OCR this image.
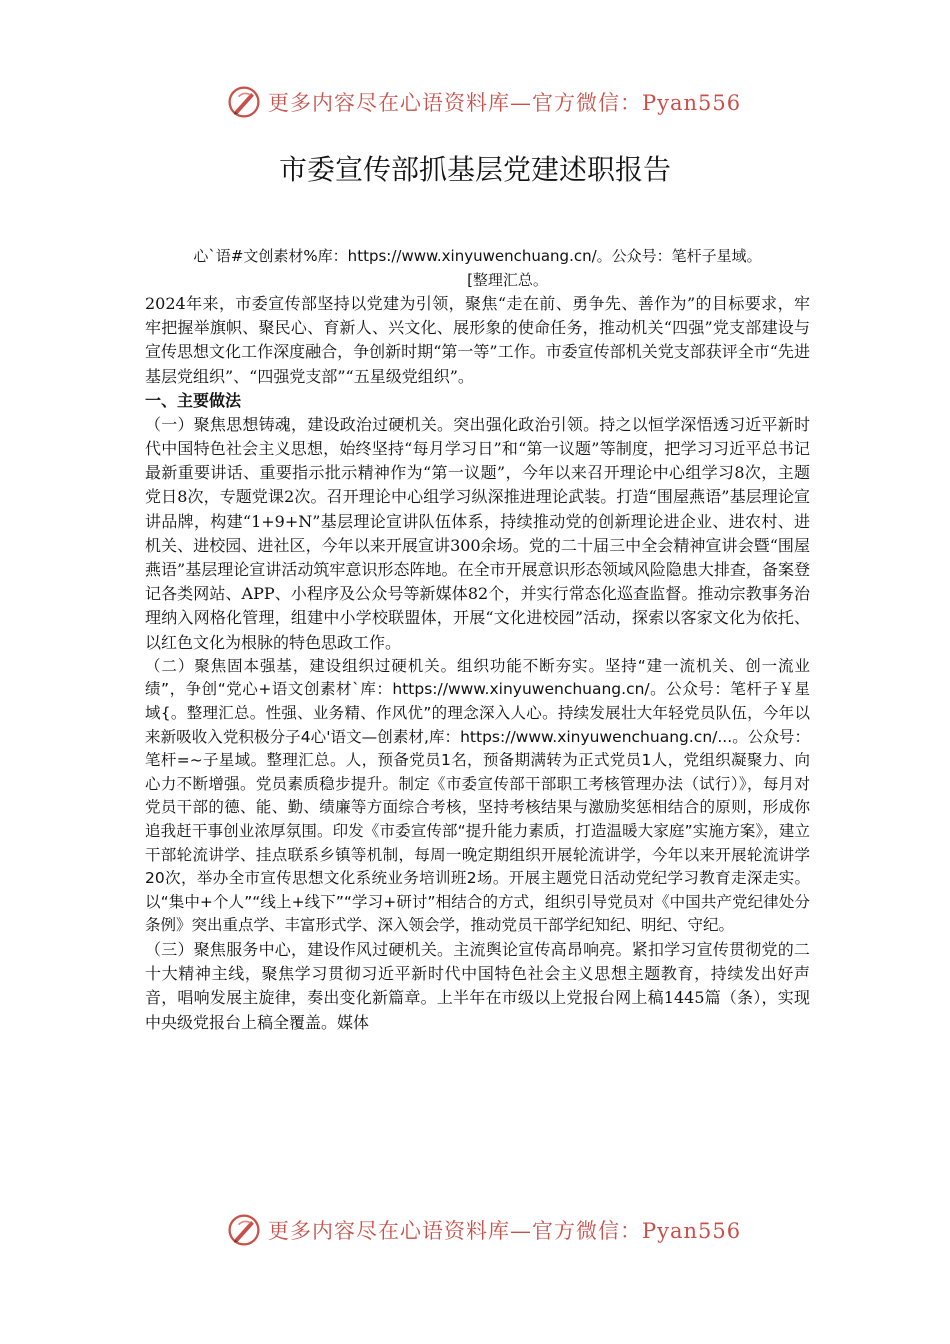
更多内容尽在心语资料库—官方微信：Pyan556
市委宣传部抓基层党建述职报告
心`语#文创素材%库：https://www.xinyuwenchuang.cn/。公众号：笔杆子星域。
[整理汇总。

2024年来，市委宣传部坚持以党建为引领，聚焦“走在前、勇争先、善作为”的目标要求，牢牢把握举旗帜、聚民心、育新人、兴文化、展形象的使命任务，推动机关“四强”党支部建设与宣传思想文化工作深度融合，争创新时期“第一等”工作。市委宣传部机关党支部获评全市“先进基层党组织”、“四强党支部”“五星级党组织”。

一、主要做法

（一）聚焦思想铸魂，建设政治过硬机关。突出强化政治引领。持之以恒学深悟透习近平新时代中国特色社会主义思想，始终坚持“每月学习日”和“第一议题”等制度，把学习习近平总书记最新重要讲话、重要指示批示精神作为“第一议题”，今年以来召开理论中心组学习8次，主题党日8次，专题党课2次。召开理论中心组学习纵深推进理论武装。打造“围屋燕语”基层理论宣讲品牌，构建“1+9+N”基层理论宣讲队伍体系，持续推动党的创新理论进企业、进农村、进机关、进校园、进社区，今年以来开展宣讲300余场。党的二十届三中全会精神宣讲会暨“围屋燕语”基层理论宣讲活动筑牢意识形态阵地。在全市开展意识形态领域风险隐患大排查，备案登记各类网站、APP、小程序及公众号等新媒体82个，并实行常态化巡查监督。推动宗教事务治理纳入网格化管理，组建中小学校联盟体，开展“文化进校园”活动，探索以客家文化为依托、以红色文化为根脉的特色思政工作。

（二）聚焦固本强基，建设组织过硬机关。组织功能不断夯实。坚持“建一流机关、创一流业绩”，争创“党心+语文创素材`库：https://www.xinyuwenchuang.cn/。公众号：笔杆子￥星域{。整理汇总。性强、业务精、作风优”的理念深入人心。持续发展壮大年轻党员队伍，今年以来新吸收入党积极分子4心'语文—创素材,库：https://www.xinyuwenchuang.cn/...。公众号：笔杆=~子星域。整理汇总。人，预备党员1名，预备期满转为正式党员1人，党组织凝聚力、向心力不断增强。党员素质稳步提升。制定《市委宣传部干部职工考核管理办法（试行）》，每月对党员干部的德、能、勤、绩廉等方面综合考核，坚持考核结果与激励奖惩相结合的原则，形成你追我赶干事创业浓厚氛围。印发《市委宣传部“提升能力素质，打造温暖大家庭”实施方案》，建立干部轮流讲学、挂点联系乡镇等机制，每周一晚定期组织开展轮流讲学，今年以来开展轮流讲学20次，举办全市宣传思想文化系统业务培训班2场。开展主题党日活动党纪学习教育走深走实。以“集中+个人”“线上+线下”“学习+研讨”相结合的方式，组织引导党员对《中国共产党纪律处分条例》突出重点学、丰富形式学、深入领会学，推动党员干部学纪知纪、明纪、守纪。

（三）聚焦服务中心，建设作风过硬机关。主流舆论宣传高昂响亮。紧扣学习宣传贯彻党的二十大精神主线，聚焦学习贯彻习近平新时代中国特色社会主义思想主题教育，持续发出好声音，唱响发展主旋律，奏出变化新篇章。上半年在市级以上党报台网上稿1445篇（条），实现中央级党报台上稿全覆盖。媒体

更多内容尽在心语资料库—官方微信：Pyan556
